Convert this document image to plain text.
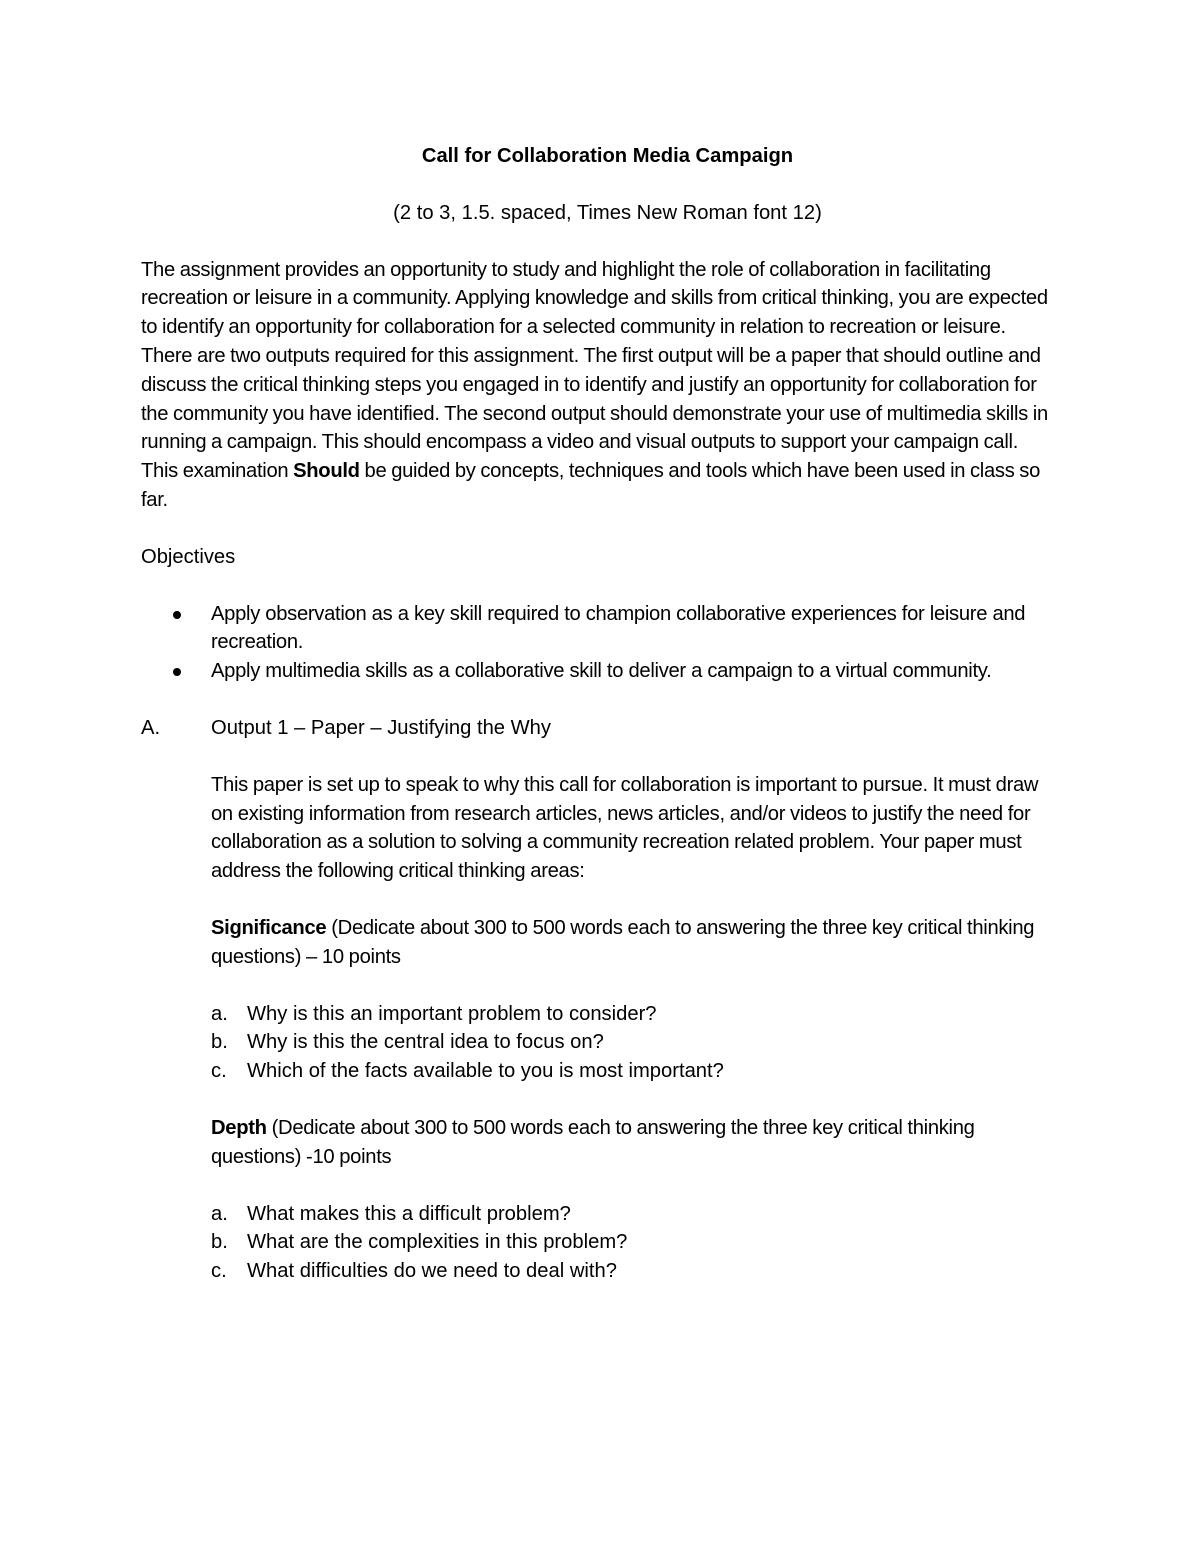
Call for Collaboration Media Campaign

(2 to 3, 1.5. spaced, Times New Roman font 12)

The assignment provides an opportunity to study and highlight the role of collaboration in facilitating recreation or leisure in a community. Applying knowledge and skills from critical thinking, you are expected to identify an opportunity for collaboration for a selected community in relation to recreation or leisure. There are two outputs required for this assignment. The first output will be a paper that should outline and discuss the critical thinking steps you engaged in to identify and justify an opportunity for collaboration for the community you have identified. The second output should demonstrate your use of multimedia skills in running a campaign. This should encompass a video and visual outputs to support your campaign call. This examination Should be guided by concepts, techniques and tools which have been used in class so far.

Objectives

Apply observation as a key skill required to champion collaborative experiences for leisure and recreation.
Apply multimedia skills as a collaborative skill to deliver a campaign to a virtual community.
A.	Output 1 – Paper – Justifying the Why

This paper is set up to speak to why this call for collaboration is important to pursue. It must draw on existing information from research articles, news articles, and/or videos to justify the need for collaboration as a solution to solving a community recreation related problem. Your paper must address the following critical thinking areas:

Significance (Dedicate about 300 to 500 words each to answering the three key critical thinking questions) – 10 points

a. Why is this an important problem to consider?
b. Why is this the central idea to focus on?
c. Which of the facts available to you is most important?

Depth (Dedicate about 300 to 500 words each to answering the three key critical thinking questions) -10 points

a. What makes this a difficult problem?
b. What are the complexities in this problem?
c. What difficulties do we need to deal with?
